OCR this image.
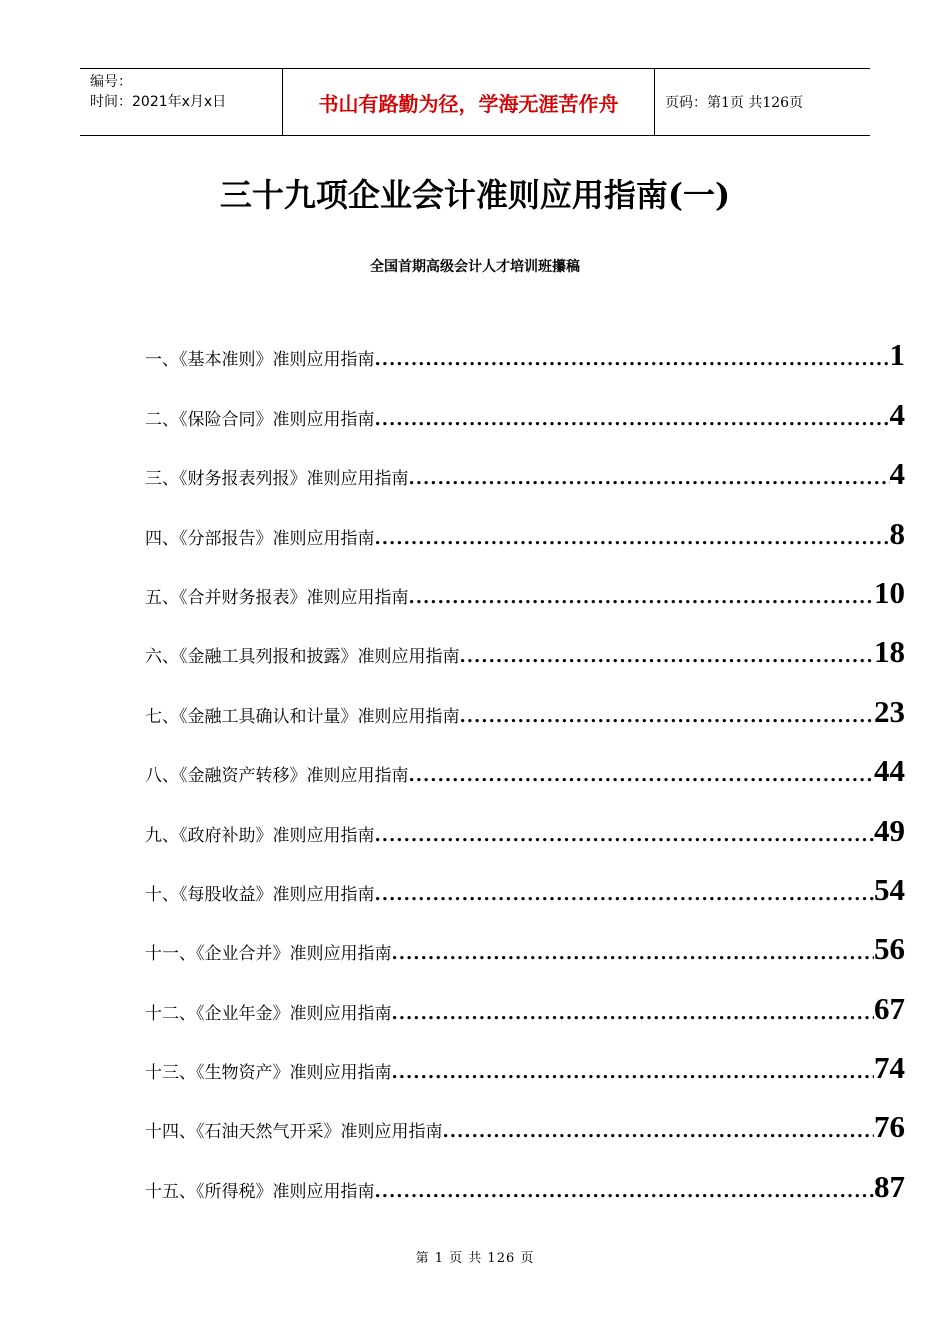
编号：
时间：2021年x月x日	书山有路勤为径，学海无涯苦作舟	页码：第1页 共126页
三十九项企业会计准则应用指南(一)
全国首期高级会计人才培训班攥稿
一、《基本准则》准则应用指南 .....	1
二、《保险合同》准则应用指南 .....	4
三、《财务报表列报》准则应用指南 .....	4
四、《分部报告》准则应用指南 .....	8
五、《合并财务报表》准则应用指南 .....	10
六、《金融工具列报和披露》准则应用指南 .....	18
七、《金融工具确认和计量》准则应用指南 .....	23
八、《金融资产转移》准则应用指南 .....	44
九、《政府补助》准则应用指南 .....	49
十、《每股收益》准则应用指南 .....	54
十一、《企业合并》准则应用指南 .....	56
十二、《企业年金》准则应用指南 .....	67
十三、《生物资产》准则应用指南 .....	74
十四、《石油天然气开采》准则应用指南 .....	76
十五、《所得税》准则应用指南 .....	87
第 1 页 共 126 页
